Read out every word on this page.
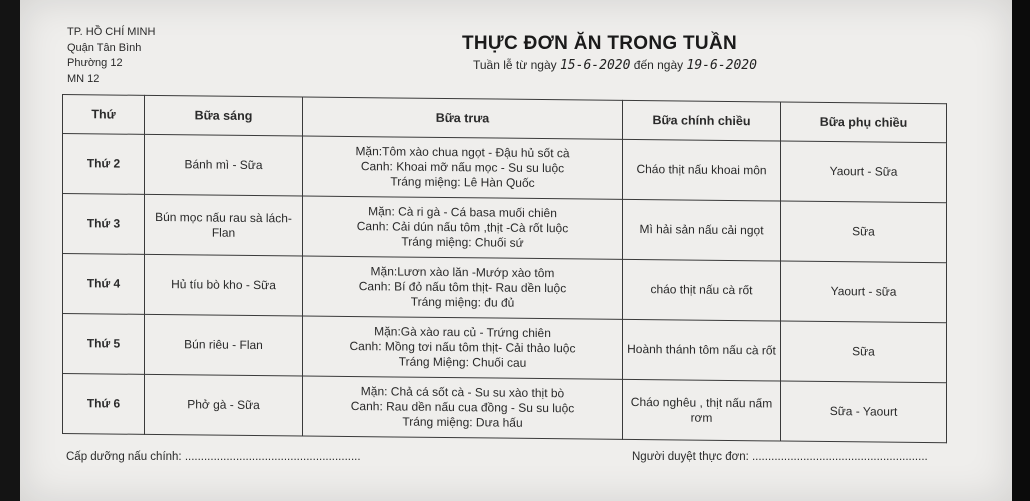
TP. HỒ CHÍ MINH
Quận Tân Bình
Phường 12
MN 12
THỰC ĐƠN ĂN TRONG TUẦN
Tuần lễ từ ngày 15-6-2020 đến ngày 19-6-2020
Thứ	Bữa sáng	Bữa trưa	Bữa chính chiều	Bữa phụ chiều
Thứ 2	Bánh mì - Sữa	Mặn:Tôm xào chua ngọt - Đậu hủ sốt cà
Canh: Khoai mỡ nấu mọc - Su su luộc
Tráng miệng: Lê Hàn Quốc	Cháo thịt nấu khoai môn	Yaourt - Sữa
Thứ 3	Bún mọc nấu rau sà lách- Flan	Mặn: Cà ri gà - Cá basa muối chiên
Canh: Cải dún nấu tôm ,thịt -Cà rốt luộc
Tráng miệng: Chuối sứ	Mì hải sản nấu cải ngọt	Sữa
Thứ 4	Hủ tíu bò kho - Sữa	Mặn:Lươn xào lăn -Mướp xào tôm
Canh: Bí đỏ nấu tôm thịt- Rau dền luộc
Tráng miệng: đu đủ	cháo thịt nấu cà rốt	Yaourt - sữa
Thứ 5	Bún riêu - Flan	Mặn:Gà xào rau củ - Trứng chiên
Canh: Mồng tơi nấu tôm thịt- Cải thảo luộc
Tráng Miệng: Chuối cau	Hoành thánh tôm nấu cà rốt	Sữa
Thứ 6	Phở gà - Sữa	Mặn: Chả cá sốt cà - Su su xào thịt bò
Canh: Rau dền nấu cua đồng - Su su luộc
Tráng miệng: Dưa hấu	Cháo nghêu , thịt nấu nấm rơm	Sữa - Yaourt
Cấp dưỡng nấu chính: .......................................................	Người duyệt thực đơn: .......................................................
